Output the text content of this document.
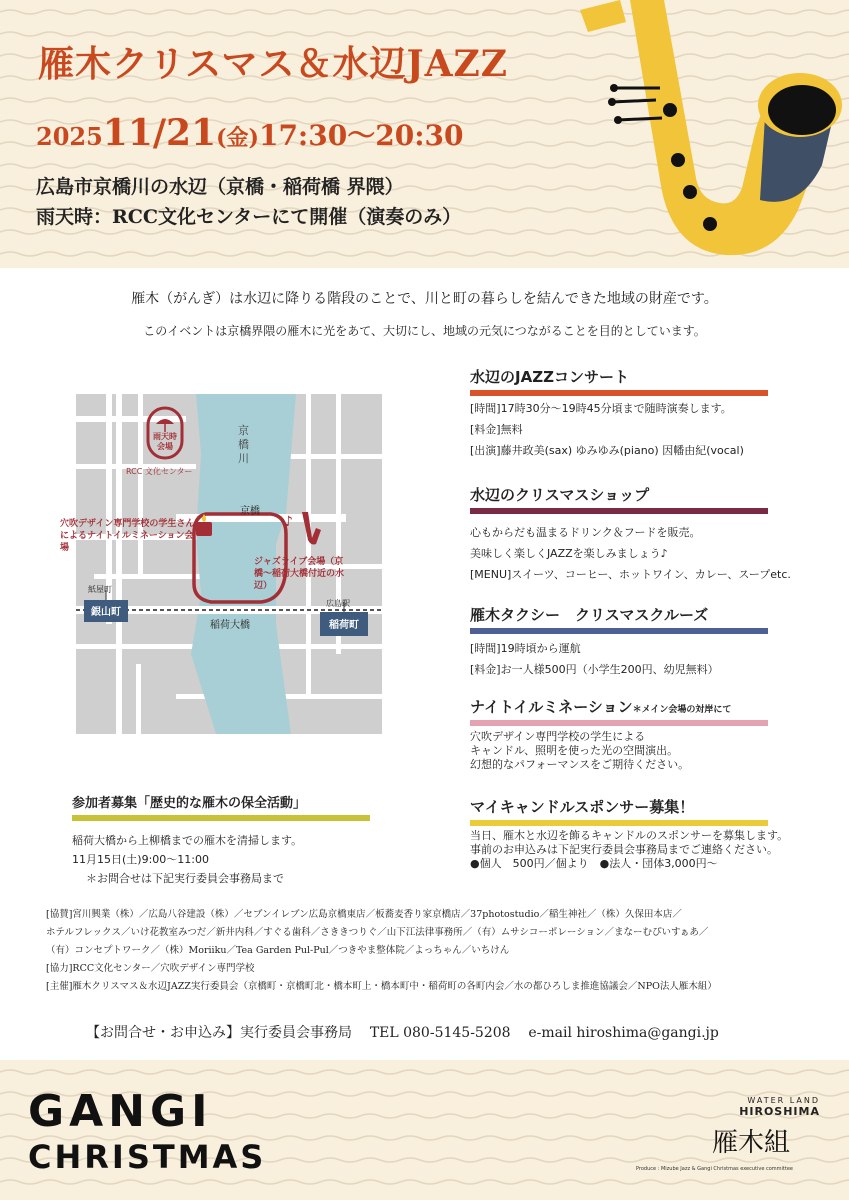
雁木クリスマス＆水辺JAZZ
202511/21(金)17:30〜20:30
広島市京橋川の水辺（京橋・稲荷橋 界隈）
雨天時：RCC文化センターにて開催（演奏のみ）
雁木（がんぎ）は水辺に降りる階段のことで、川と町の暮らしを結んできた地域の財産です。
このイベントは京橋界隈の雁木に光をあて、大切にし、地域の元気につながることを目的としています。
♪
京橋川
雨天時会場
RCC 文化センター
京橋
穴吹デザイン専門学校の学生さんによるナイトイルミネーション会場
ジャズライブ会場（京橋〜稲荷大橋付近の水辺）
稲荷大橋
紙屋町
銀山町
広島駅
稲荷町
水辺のJAZZコンサート

[時間]17時30分〜19時45分頃まで随時演奏します。

[料金]無料

[出演]藤井政美(sax) ゆみゆみ(piano) 因幡由紀(vocal)

水辺のクリスマスショップ

心もからだも温まるドリンク＆フードを販売。

美味しく楽しくJAZZを楽しみましょう♪

[MENU]スイーツ、コーヒー、ホットワイン、カレー、スープetc.

雁木タクシー　クリスマスクルーズ

[時間]19時頃から運航

[料金]お一人様500円（小学生200円、幼児無料）

ナイトイルミネーション＊メイン会場の対岸にて

穴吹デザイン専門学校の学生による

キャンドル、照明を使った光の空間演出。

幻想的なパフォーマンスをご期待ください。

マイキャンドルスポンサー募集！

当日、雁木と水辺を飾るキャンドルのスポンサーを募集します。

事前のお申込みは下記実行委員会事務局までご連絡ください。

●個人　500円／個より　●法人・団体3,000円〜

参加者募集「歴史的な雁木の保全活動」
稲荷大橋から上柳橋までの雁木を清掃します。
11月15日(土)9:00〜11:00
＊お問合せは下記実行委員会事務局まで
[協賛]宮川興業（株）／広島八谷建設（株）／セブンイレブン広島京橋東店／板蕎麦香り家京橋店／37photostudio／稲生神社／（株）久保田本店／
ホテルフレックス／いけ花教室みつだ／新井内科／すぐる歯科／さききつりぐ／山下江法律事務所／（有）ムサシコーポレーション／まなーむぴいすぁあ／
（有）コンセプトワーク／（株）Moriiku／Tea Garden Pul-Pul／つきやま整体院／よっちゃん／いちけん
[協力]RCC文化センター／穴吹デザイン専門学校
[主催]雁木クリスマス＆水辺JAZZ実行委員会（京橋町・京橋町北・橋本町上・橋本町中・稲荷町の各町内会／水の都ひろしま推進協議会／NPO法人雁木組）
【お問合せ・お申込み】実行委員会事務局 TEL 080-5145-5208 e-mail hiroshima@gangi.jp
GANGI
CHRISTMAS
WATER LAND
HIROSHIMA
雁木組
Produce : Mizube Jazz & Gangi Christmas executive committee
